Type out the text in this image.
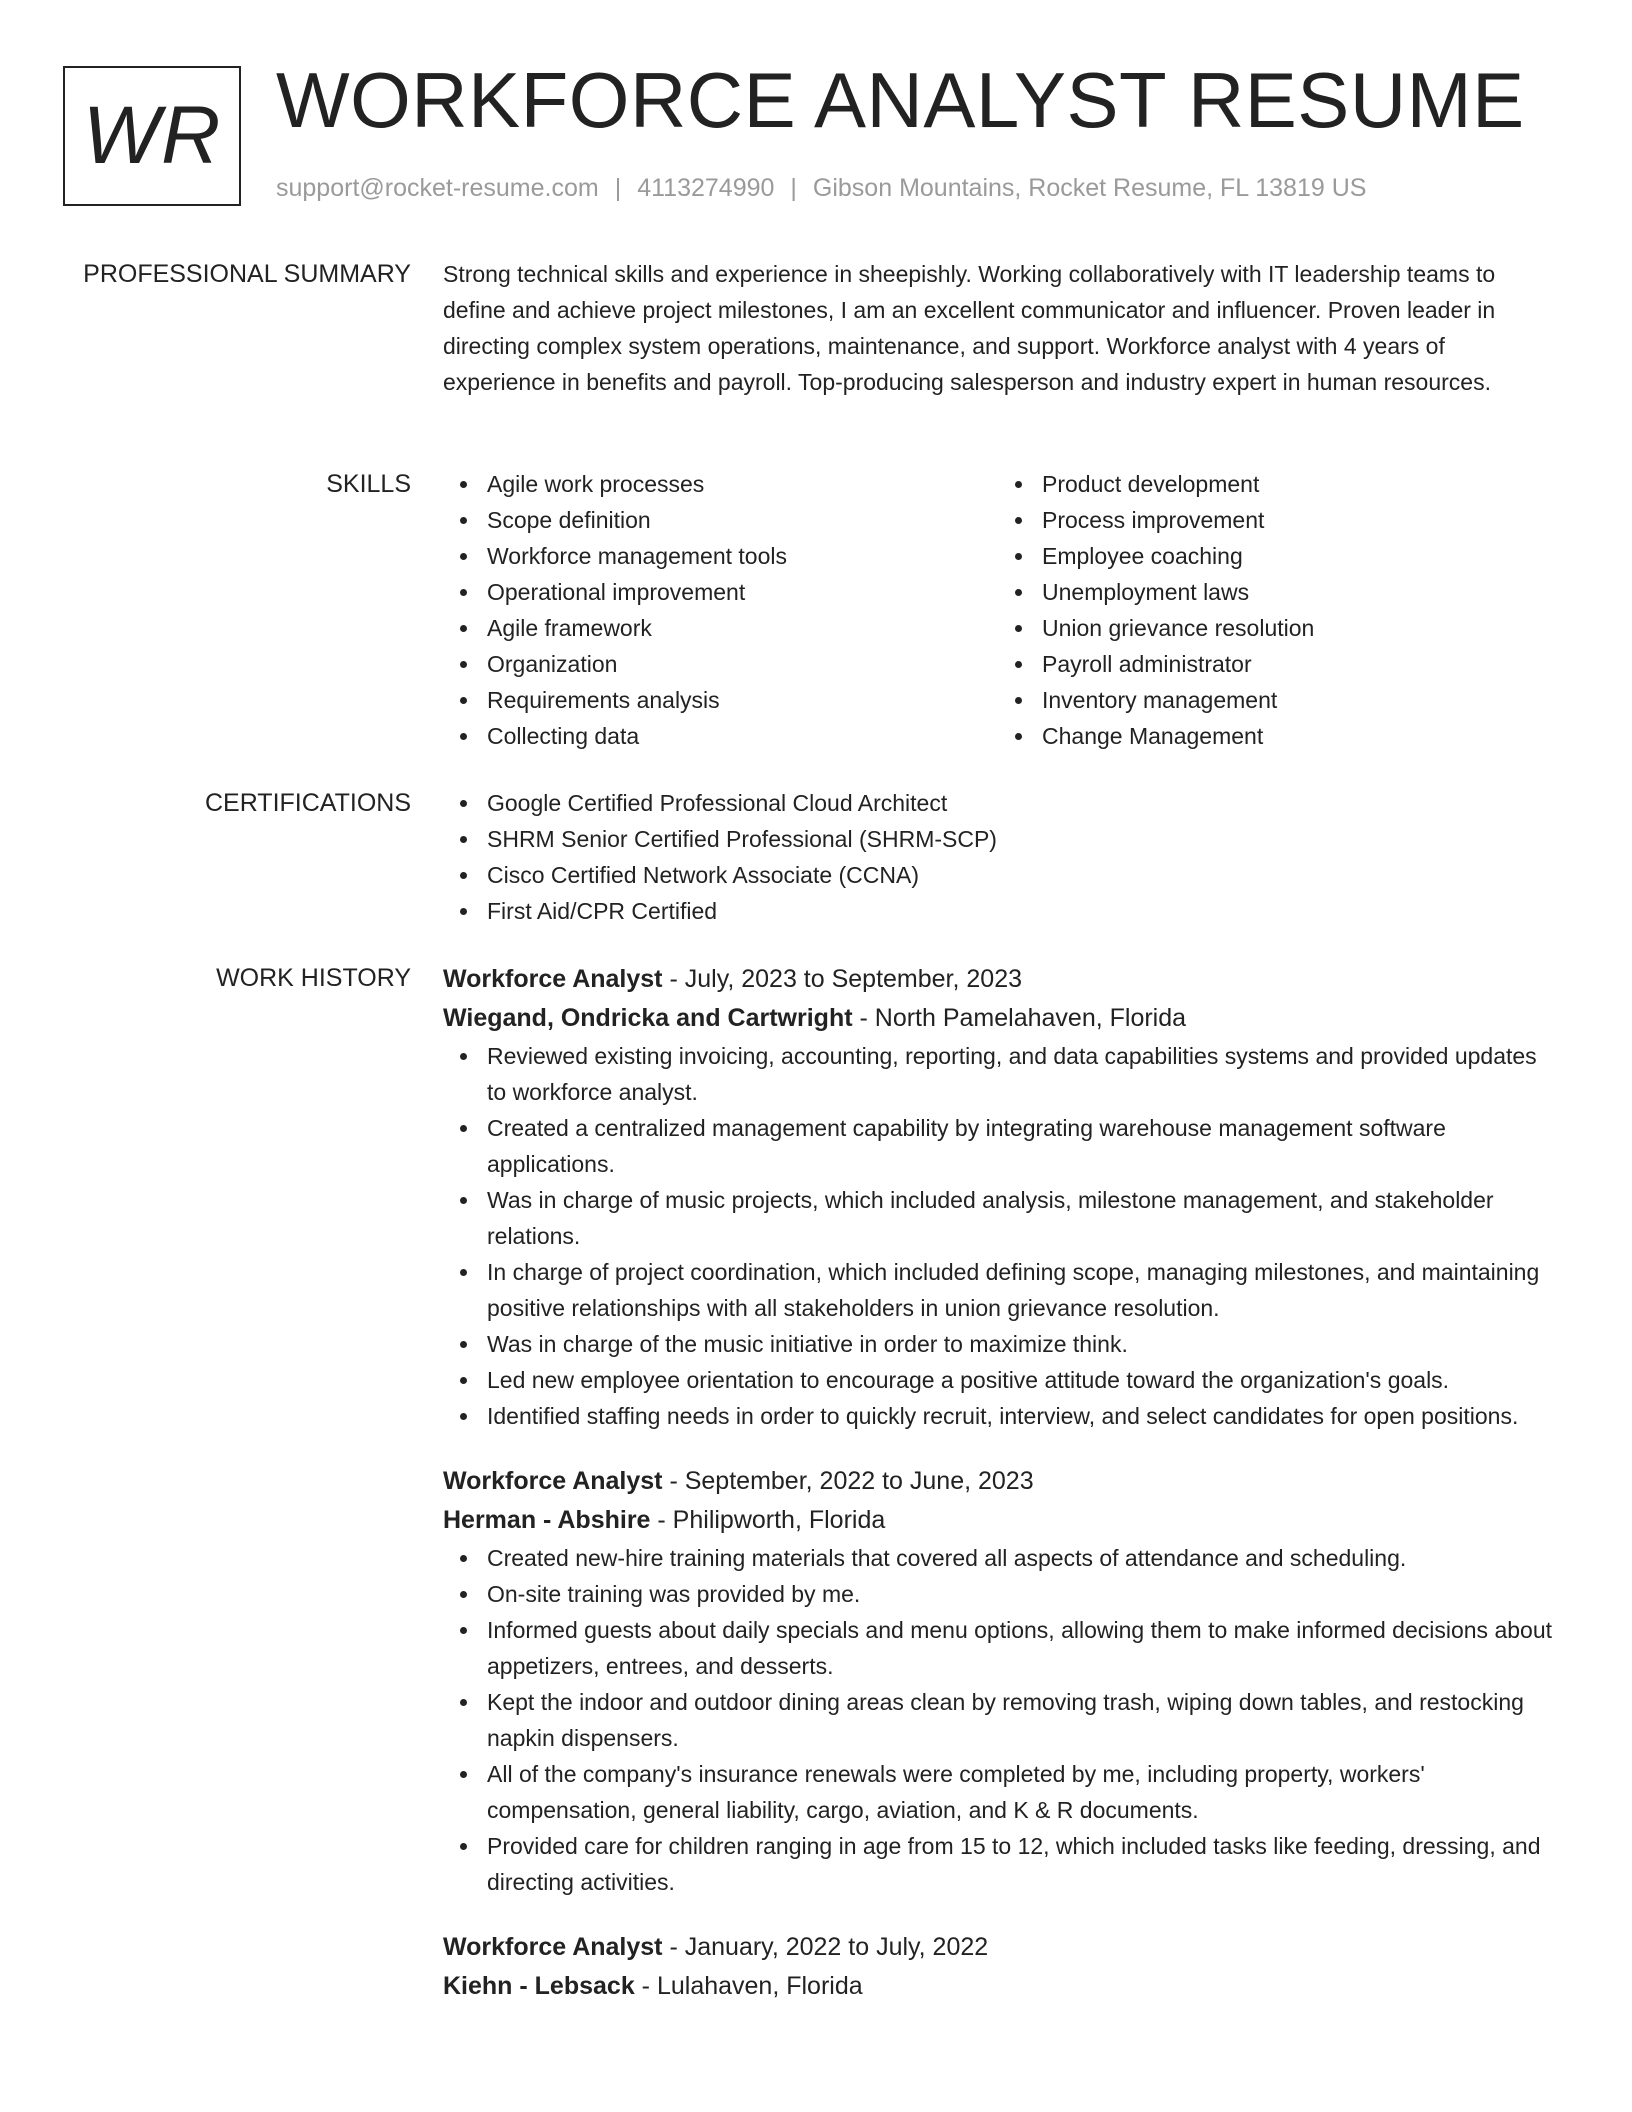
WR WORKFORCE ANALYST RESUME
support@rocket-resume.com | 4113274990 | Gibson Mountains, Rocket Resume, FL 13819 US
PROFESSIONAL SUMMARY Strong technical skills and experience in sheepishly. Working collaboratively with IT leadership teams to define and achieve project milestones, I am an excellent communicator and influencer. Proven leader in directing complex system operations, maintenance, and support. Workforce analyst with 4 years of experience in benefits and payroll. Top-producing salesperson and industry expert in human resources.

SKILLS	Agile work processes
Scope definition
Workforce management tools
Operational improvement
Agile framework
Organization
Requirements analysis
Collecting data
Product development
Process improvement
Employee coaching
Unemployment laws
Union grievance resolution
Payroll administrator
Inventory management
Change Management
CERTIFICATIONS	Google Certified Professional Cloud Architect
SHRM Senior Certified Professional (SHRM-SCP)
Cisco Certified Network Associate (CCNA)
First Aid/CPR Certified
WORK HISTORY Workforce Analyst - July, 2023 to September, 2023
Wiegand, Ondricka and Cartwright - North Pamelahaven, Florida
Reviewed existing invoicing, accounting, reporting, and data capabilities systems and provided updates to workforce analyst.
Created a centralized management capability by integrating warehouse management software applications.
Was in charge of music projects, which included analysis, milestone management, and stakeholder relations.
In charge of project coordination, which included defining scope, managing milestones, and maintaining positive relationships with all stakeholders in union grievance resolution.
Was in charge of the music initiative in order to maximize think.
Led new employee orientation to encourage a positive attitude toward the organization's goals.
Identified staffing needs in order to quickly recruit, interview, and select candidates for open positions.
Workforce Analyst - September, 2022 to June, 2023
Herman - Abshire - Philipworth, Florida
Created new-hire training materials that covered all aspects of attendance and scheduling.
On-site training was provided by me.
Informed guests about daily specials and menu options, allowing them to make informed decisions about appetizers, entrees, and desserts.
Kept the indoor and outdoor dining areas clean by removing trash, wiping down tables, and restocking napkin dispensers.
All of the company's insurance renewals were completed by me, including property, workers' compensation, general liability, cargo, aviation, and K & R documents.
Provided care for children ranging in age from 15 to 12, which included tasks like feeding, dressing, and directing activities.
Workforce Analyst - January, 2022 to July, 2022
Kiehn - Lebsack - Lulahaven, Florida
